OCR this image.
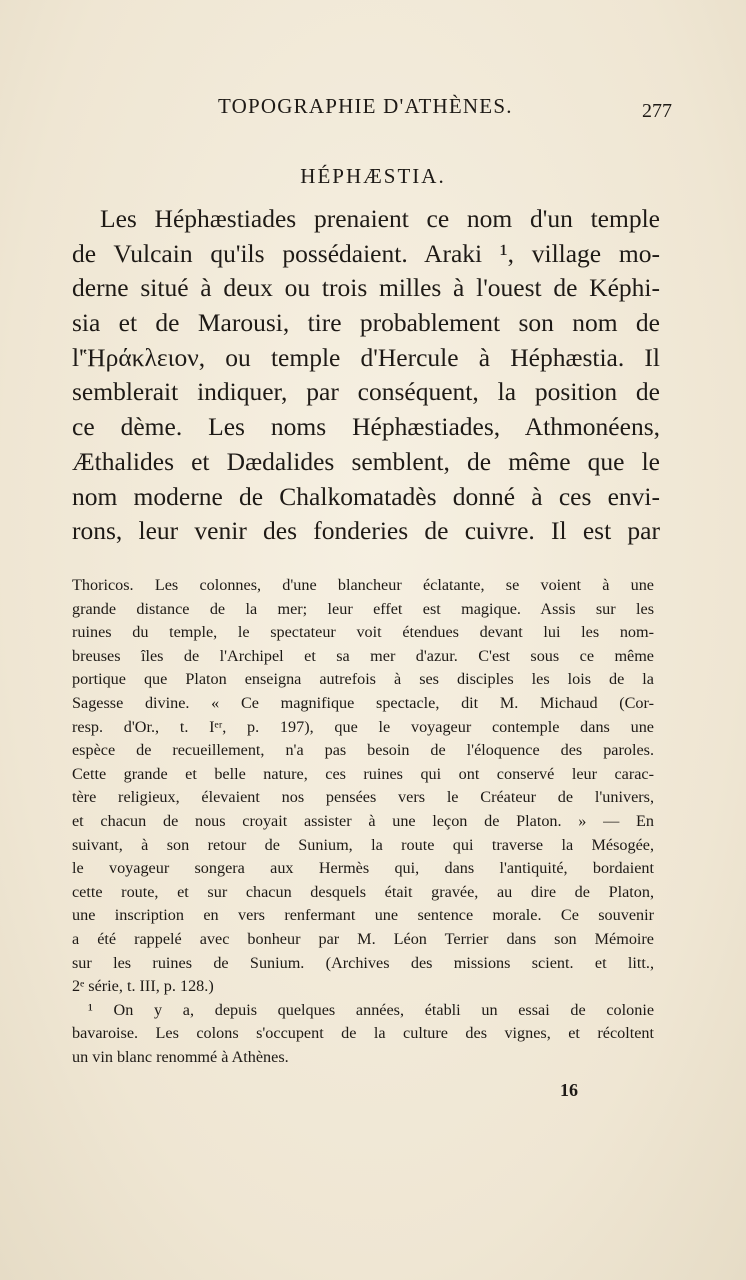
TOPOGRAPHIE D'ATHÈNES.	277
HÉPHÆSTIA.
Les Héphæstiades prenaient ce nom d'un temple
de Vulcain qu'ils possédaient. Araki ¹, village mo-
derne situé à deux ou trois milles à l'ouest de Képhi-
sia et de Marousi, tire probablement son nom de
l'Ἡράκλειον, ou temple d'Hercule à Héphæstia. Il
semblerait indiquer, par conséquent, la position de
ce dème. Les noms Héphæstiades, Athmonéens,
Æthalides et Dædalides semblent, de même que le
nom moderne de Chalkomatadès donné à ces envi-
rons, leur venir des fonderies de cuivre. Il est par
Thoricos. Les colonnes, d'une blancheur éclatante, se voient à une
grande distance de la mer; leur effet est magique. Assis sur les
ruines du temple, le spectateur voit étendues devant lui les nom-
breuses îles de l'Archipel et sa mer d'azur. C'est sous ce même
portique que Platon enseigna autrefois à ses disciples les lois de la
Sagesse divine. « Ce magnifique spectacle, dit M. Michaud (Cor-
resp. d'Or., t. Iᵉʳ, p. 197), que le voyageur contemple dans une
espèce de recueillement, n'a pas besoin de l'éloquence des paroles.
Cette grande et belle nature, ces ruines qui ont conservé leur carac-
tère religieux, élevaient nos pensées vers le Créateur de l'univers,
et chacun de nous croyait assister à une leçon de Platon. » — En
suivant, à son retour de Sunium, la route qui traverse la Mésogée,
le voyageur songera aux Hermès qui, dans l'antiquité, bordaient
cette route, et sur chacun desquels était gravée, au dire de Platon,
une inscription en vers renfermant une sentence morale. Ce souvenir
a été rappelé avec bonheur par M. Léon Terrier dans son Mémoire
sur les ruines de Sunium. (Archives des missions scient. et litt.,
2ᵉ série, t. III, p. 128.)
¹ On y a, depuis quelques années, établi un essai de colonie
bavaroise. Les colons s'occupent de la culture des vignes, et récoltent
un vin blanc renommé à Athènes.
16
